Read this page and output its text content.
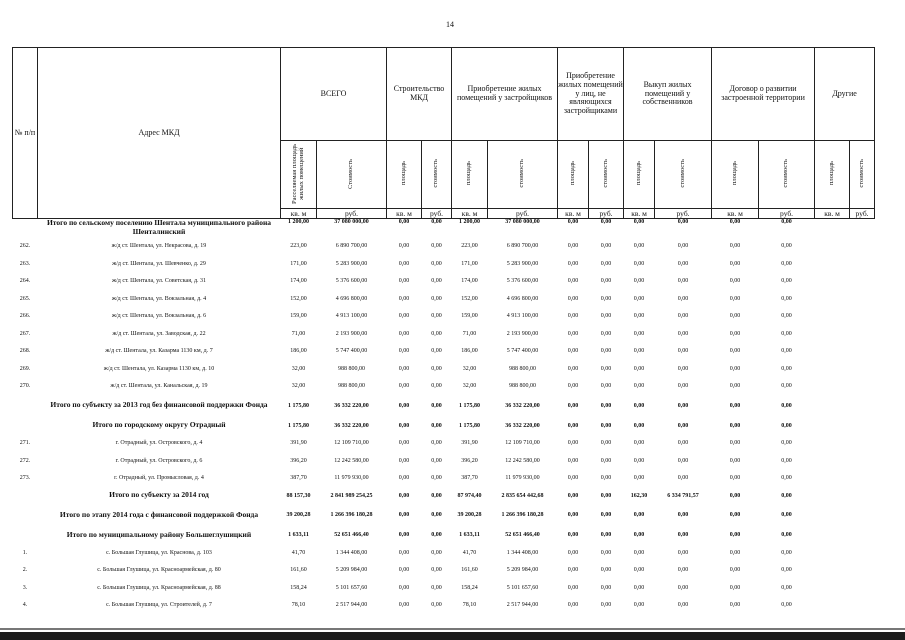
14
№ п/п	Адрес МКД	ВСЕГО		Строительство МКД		Приобретение жилых помещений у застройщиков		Приобретение жилых помещений у лиц, не являющихся застройщиками		Выкуп жилых помещений у собственников		Договор о развитии застроенной территории		Другие	
		Расселяемая площадь жилых помещений	Стоимость	площадь	стоимость	площадь	стоимость	площадь	стоимость	площадь	стоимость	площадь	стоимость	площадь	стоимость
		кв. м	руб.	кв. м	руб.	кв. м	руб.	кв. м	руб.	кв. м	руб.	кв. м	руб.	кв. м	руб.
	Итого по сельскому поселению Шентала муниципального района Шенталинский	1 200,00	37 080 000,00	0,00	0,00	1 200,00	37 080 000,00	0,00	0,00	0,00	0,00	0,00	0,00		
262.	ж/д ст. Шентала, ул. Некрасова, д. 19	223,00	6 890 700,00	0,00	0,00	223,00	6 890 700,00	0,00	0,00	0,00	0,00	0,00	0,00		
263.	ж/д ст. Шентала, ул. Шевченко, д. 29	171,00	5 283 900,00	0,00	0,00	171,00	5 283 900,00	0,00	0,00	0,00	0,00	0,00	0,00		
264.	ж/д ст. Шентала, ул. Советская, д. 31	174,00	5 376 600,00	0,00	0,00	174,00	5 376 600,00	0,00	0,00	0,00	0,00	0,00	0,00		
265.	ж/д ст. Шентала, ул. Вокзальная, д. 4	152,00	4 696 800,00	0,00	0,00	152,00	4 696 800,00	0,00	0,00	0,00	0,00	0,00	0,00		
266.	ж/д ст. Шентала, ул. Вокзальная, д. 6	159,00	4 913 100,00	0,00	0,00	159,00	4 913 100,00	0,00	0,00	0,00	0,00	0,00	0,00		
267.	ж/д ст. Шентала, ул. Заводская, д. 22	71,00	2 193 900,00	0,00	0,00	71,00	2 193 900,00	0,00	0,00	0,00	0,00	0,00	0,00		
268.	ж/д ст. Шентала, ул. Казарма 1130 км, д. 7	186,00	5 747 400,00	0,00	0,00	186,00	5 747 400,00	0,00	0,00	0,00	0,00	0,00	0,00		
269.	ж/д ст. Шентала, ул. Казарма 1130 км, д. 10	32,00	988 800,00	0,00	0,00	32,00	988 800,00	0,00	0,00	0,00	0,00	0,00	0,00		
270.	ж/д ст. Шентала, ул. Канальская, д. 19	32,00	988 800,00	0,00	0,00	32,00	988 800,00	0,00	0,00	0,00	0,00	0,00	0,00		
	Итого по субъекту за 2013 год без финансовой поддержки Фонда	1 175,80	36 332 220,00	0,00	0,00	1 175,80	36 332 220,00	0,00	0,00	0,00	0,00	0,00	0,00		
	Итого по городскому округу Отрадный	1 175,80	36 332 220,00	0,00	0,00	1 175,80	36 332 220,00	0,00	0,00	0,00	0,00	0,00	0,00		
271.	г. Отрадный, ул. Островского, д. 4	391,90	12 109 710,00	0,00	0,00	391,90	12 109 710,00	0,00	0,00	0,00	0,00	0,00	0,00		
272.	г. Отрадный, ул. Островского, д. 6	396,20	12 242 580,00	0,00	0,00	396,20	12 242 580,00	0,00	0,00	0,00	0,00	0,00	0,00		
273.	г. Отрадный, ул. Промысловая, д. 4	387,70	11 979 930,00	0,00	0,00	387,70	11 979 930,00	0,00	0,00	0,00	0,00	0,00	0,00		
	Итого по субъекту за 2014 год	88 157,30	2 841 989 254,25	0,00	0,00	87 974,40	2 835 654 442,68	0,00	0,00	162,30	6 334 791,57	0,00	0,00		
	Итого по этапу 2014 года с финансовой поддержкой Фонда	39 200,28	1 266 396 180,28	0,00	0,00	39 200,28	1 266 396 180,28	0,00	0,00	0,00	0,00	0,00	0,00		
	Итого по муниципальному району Большеглушицкий	1 633,11	52 651 466,40	0,00	0,00	1 633,11	52 651 466,40	0,00	0,00	0,00	0,00	0,00	0,00		
1.	с. Большая Глушица, ул. Краснова, д. 103	41,70	1 344 408,00	0,00	0,00	41,70	1 344 408,00	0,00	0,00	0,00	0,00	0,00	0,00		
2.	с. Большая Глушица, ул. Красноармейская, д. 80	161,60	5 209 984,00	0,00	0,00	161,60	5 209 984,00	0,00	0,00	0,00	0,00	0,00	0,00		
3.	с. Большая Глушица, ул. Красноармейская, д. 88	158,24	5 101 657,60	0,00	0,00	158,24	5 101 657,60	0,00	0,00	0,00	0,00	0,00	0,00		
4.	с. Большая Глушица, ул. Строителей, д. 7	78,10	2 517 944,00	0,00	0,00	78,10	2 517 944,00	0,00	0,00	0,00	0,00	0,00	0,00		
